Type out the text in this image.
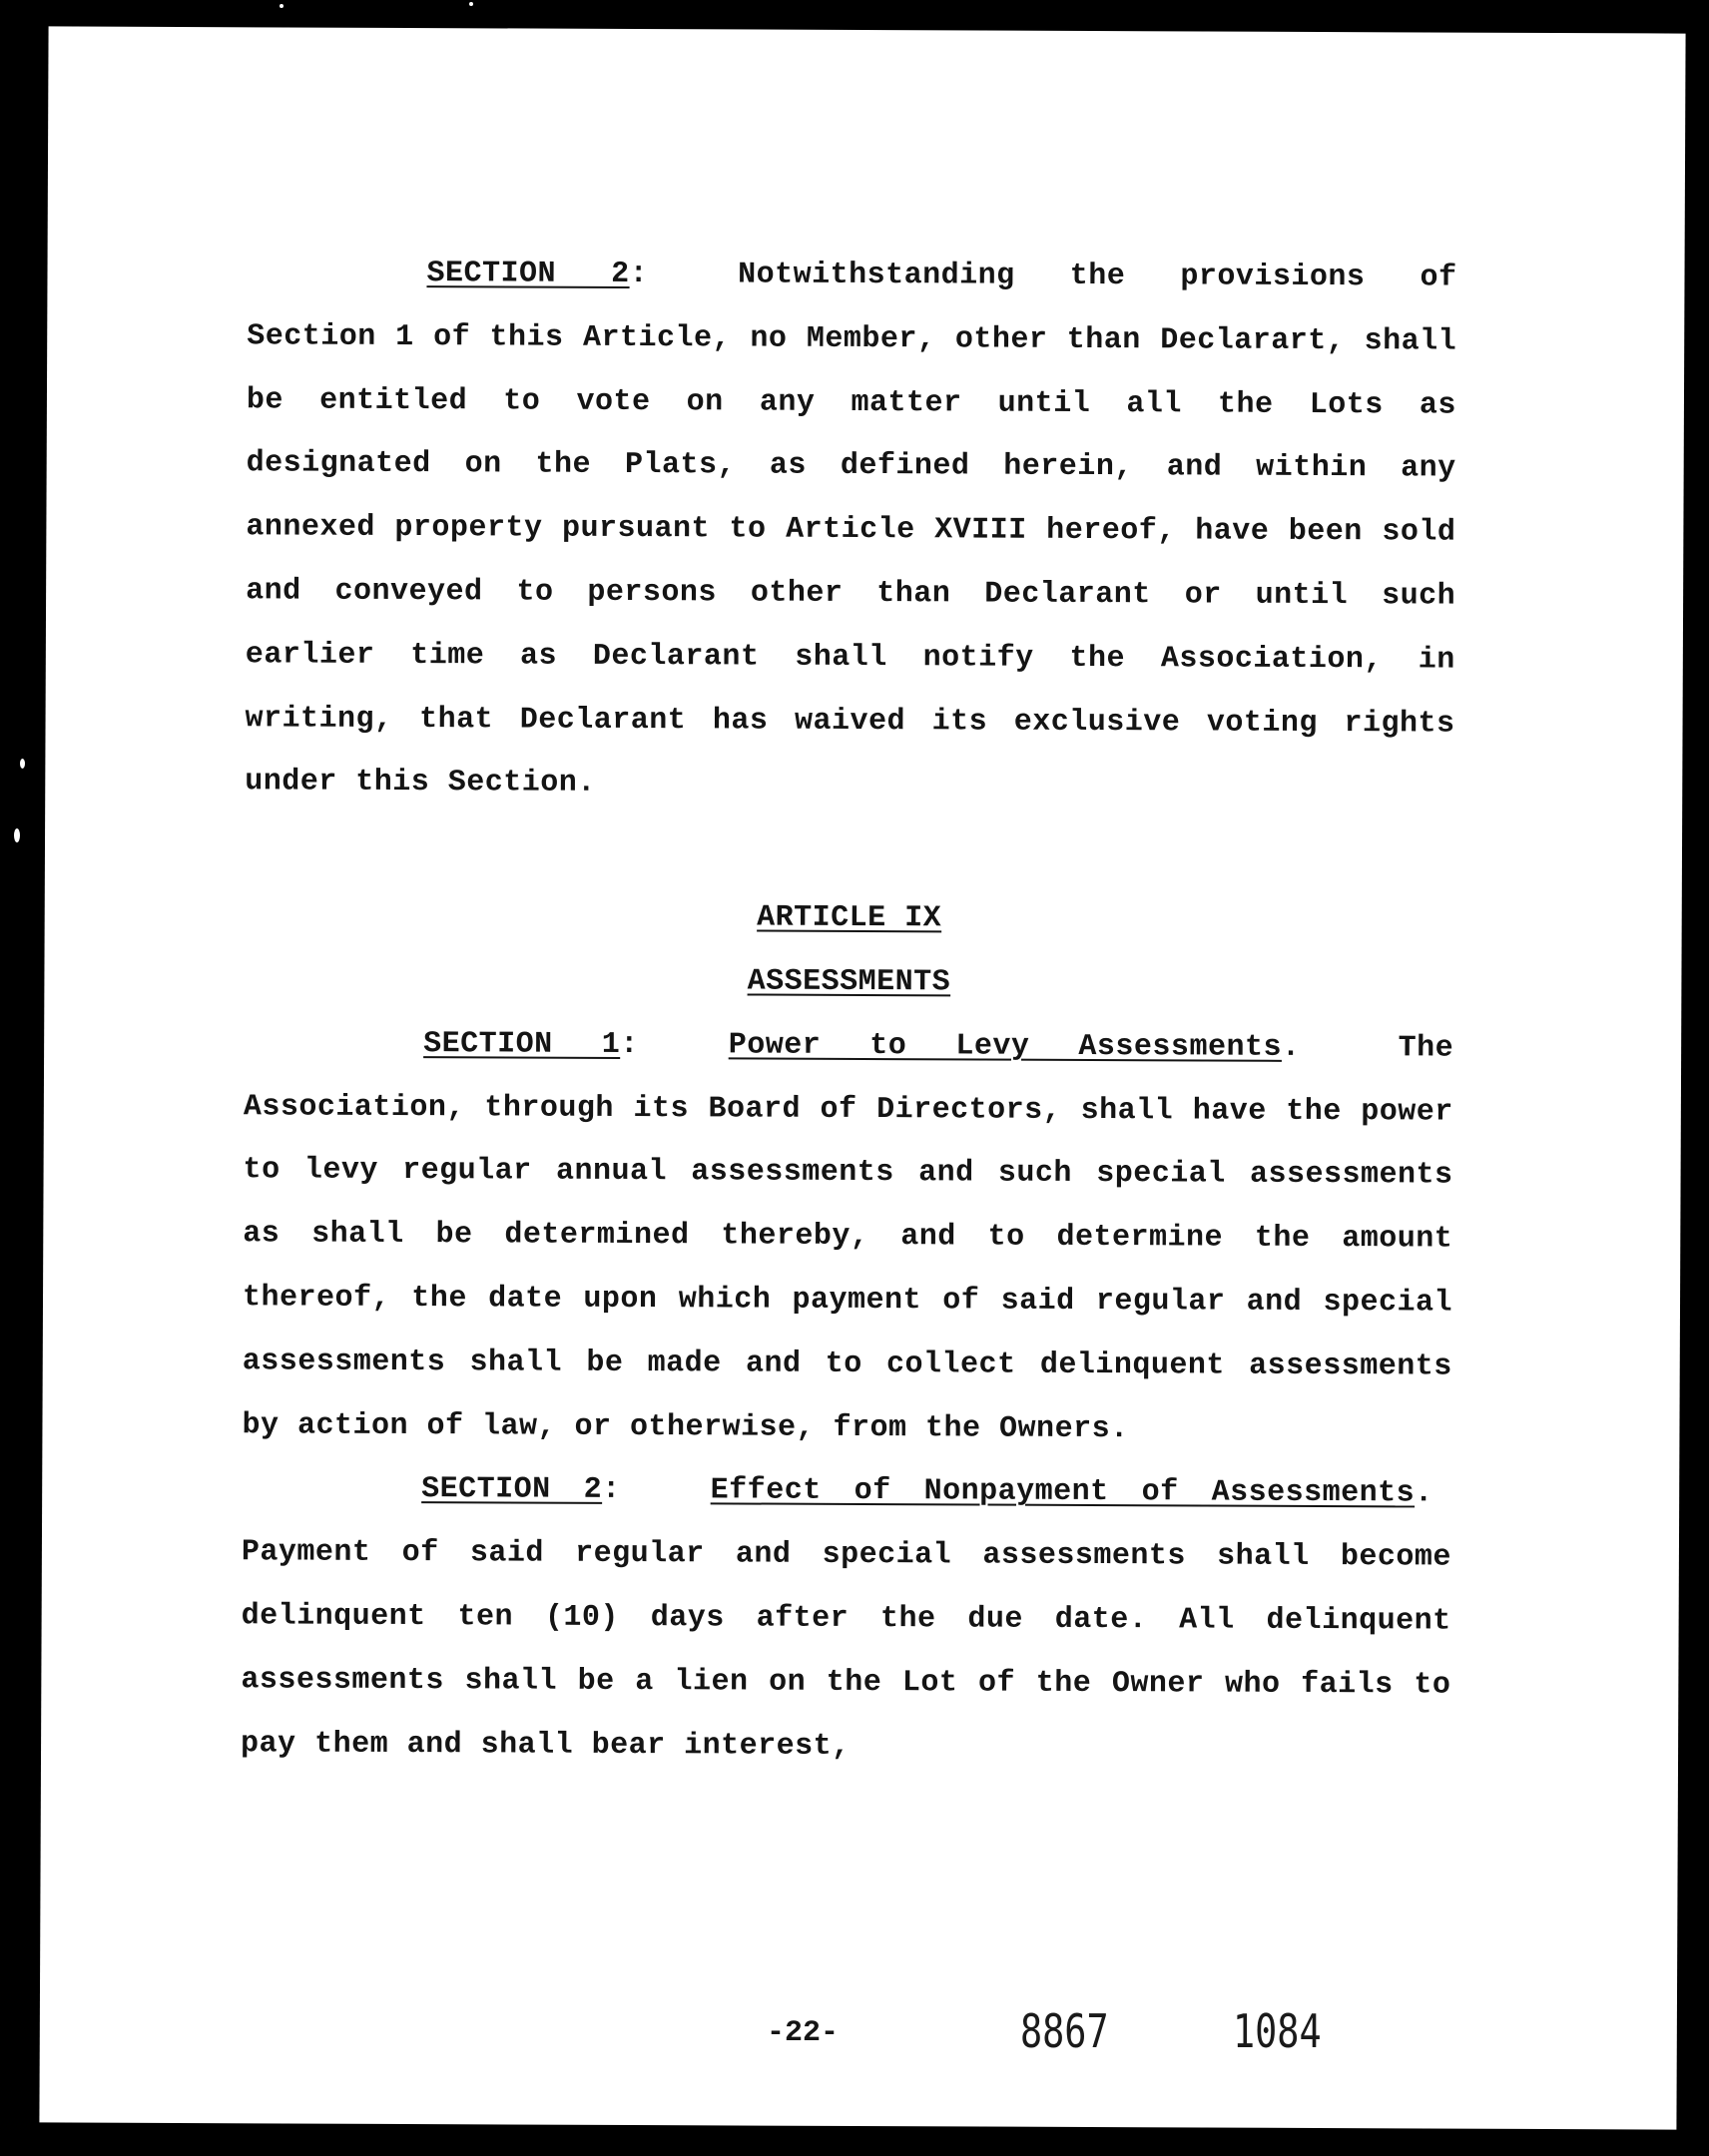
SECTION 2:	Notwithstanding the provisions of Section 1 of this Article, no Member, other than Declarart, shall be entitled to vote on any matter until all the Lots as designated on the Plats, as defined herein, and within any annexed property pursuant to Article XVIII hereof, have been sold and conveyed to persons other than Declarant or until such earlier time as Declarant shall notify the Association, in writing, that Declarant has waived its exclusive voting rights under this Section.

ARTICLE IX

ASSESSMENTS

SECTION 1:	Power to Levy Assessments.	The Association, through its Board of Directors, shall have the power to levy regular annual assessments and such special assessments as shall be determined thereby, and to determine the amount thereof, the date upon which payment of said regular and special assessments shall be made and to collect delinquent assessments by action of law, or otherwise, from the Owners.

SECTION 2:	Effect of Nonpayment of Assessments.  Payment of said regular and special assessments shall become delinquent ten (10) days after the due date. All delinquent assessments shall be a lien on the Lot of the Owner who fails to pay them and shall bear interest,

-22-	8867	1084
